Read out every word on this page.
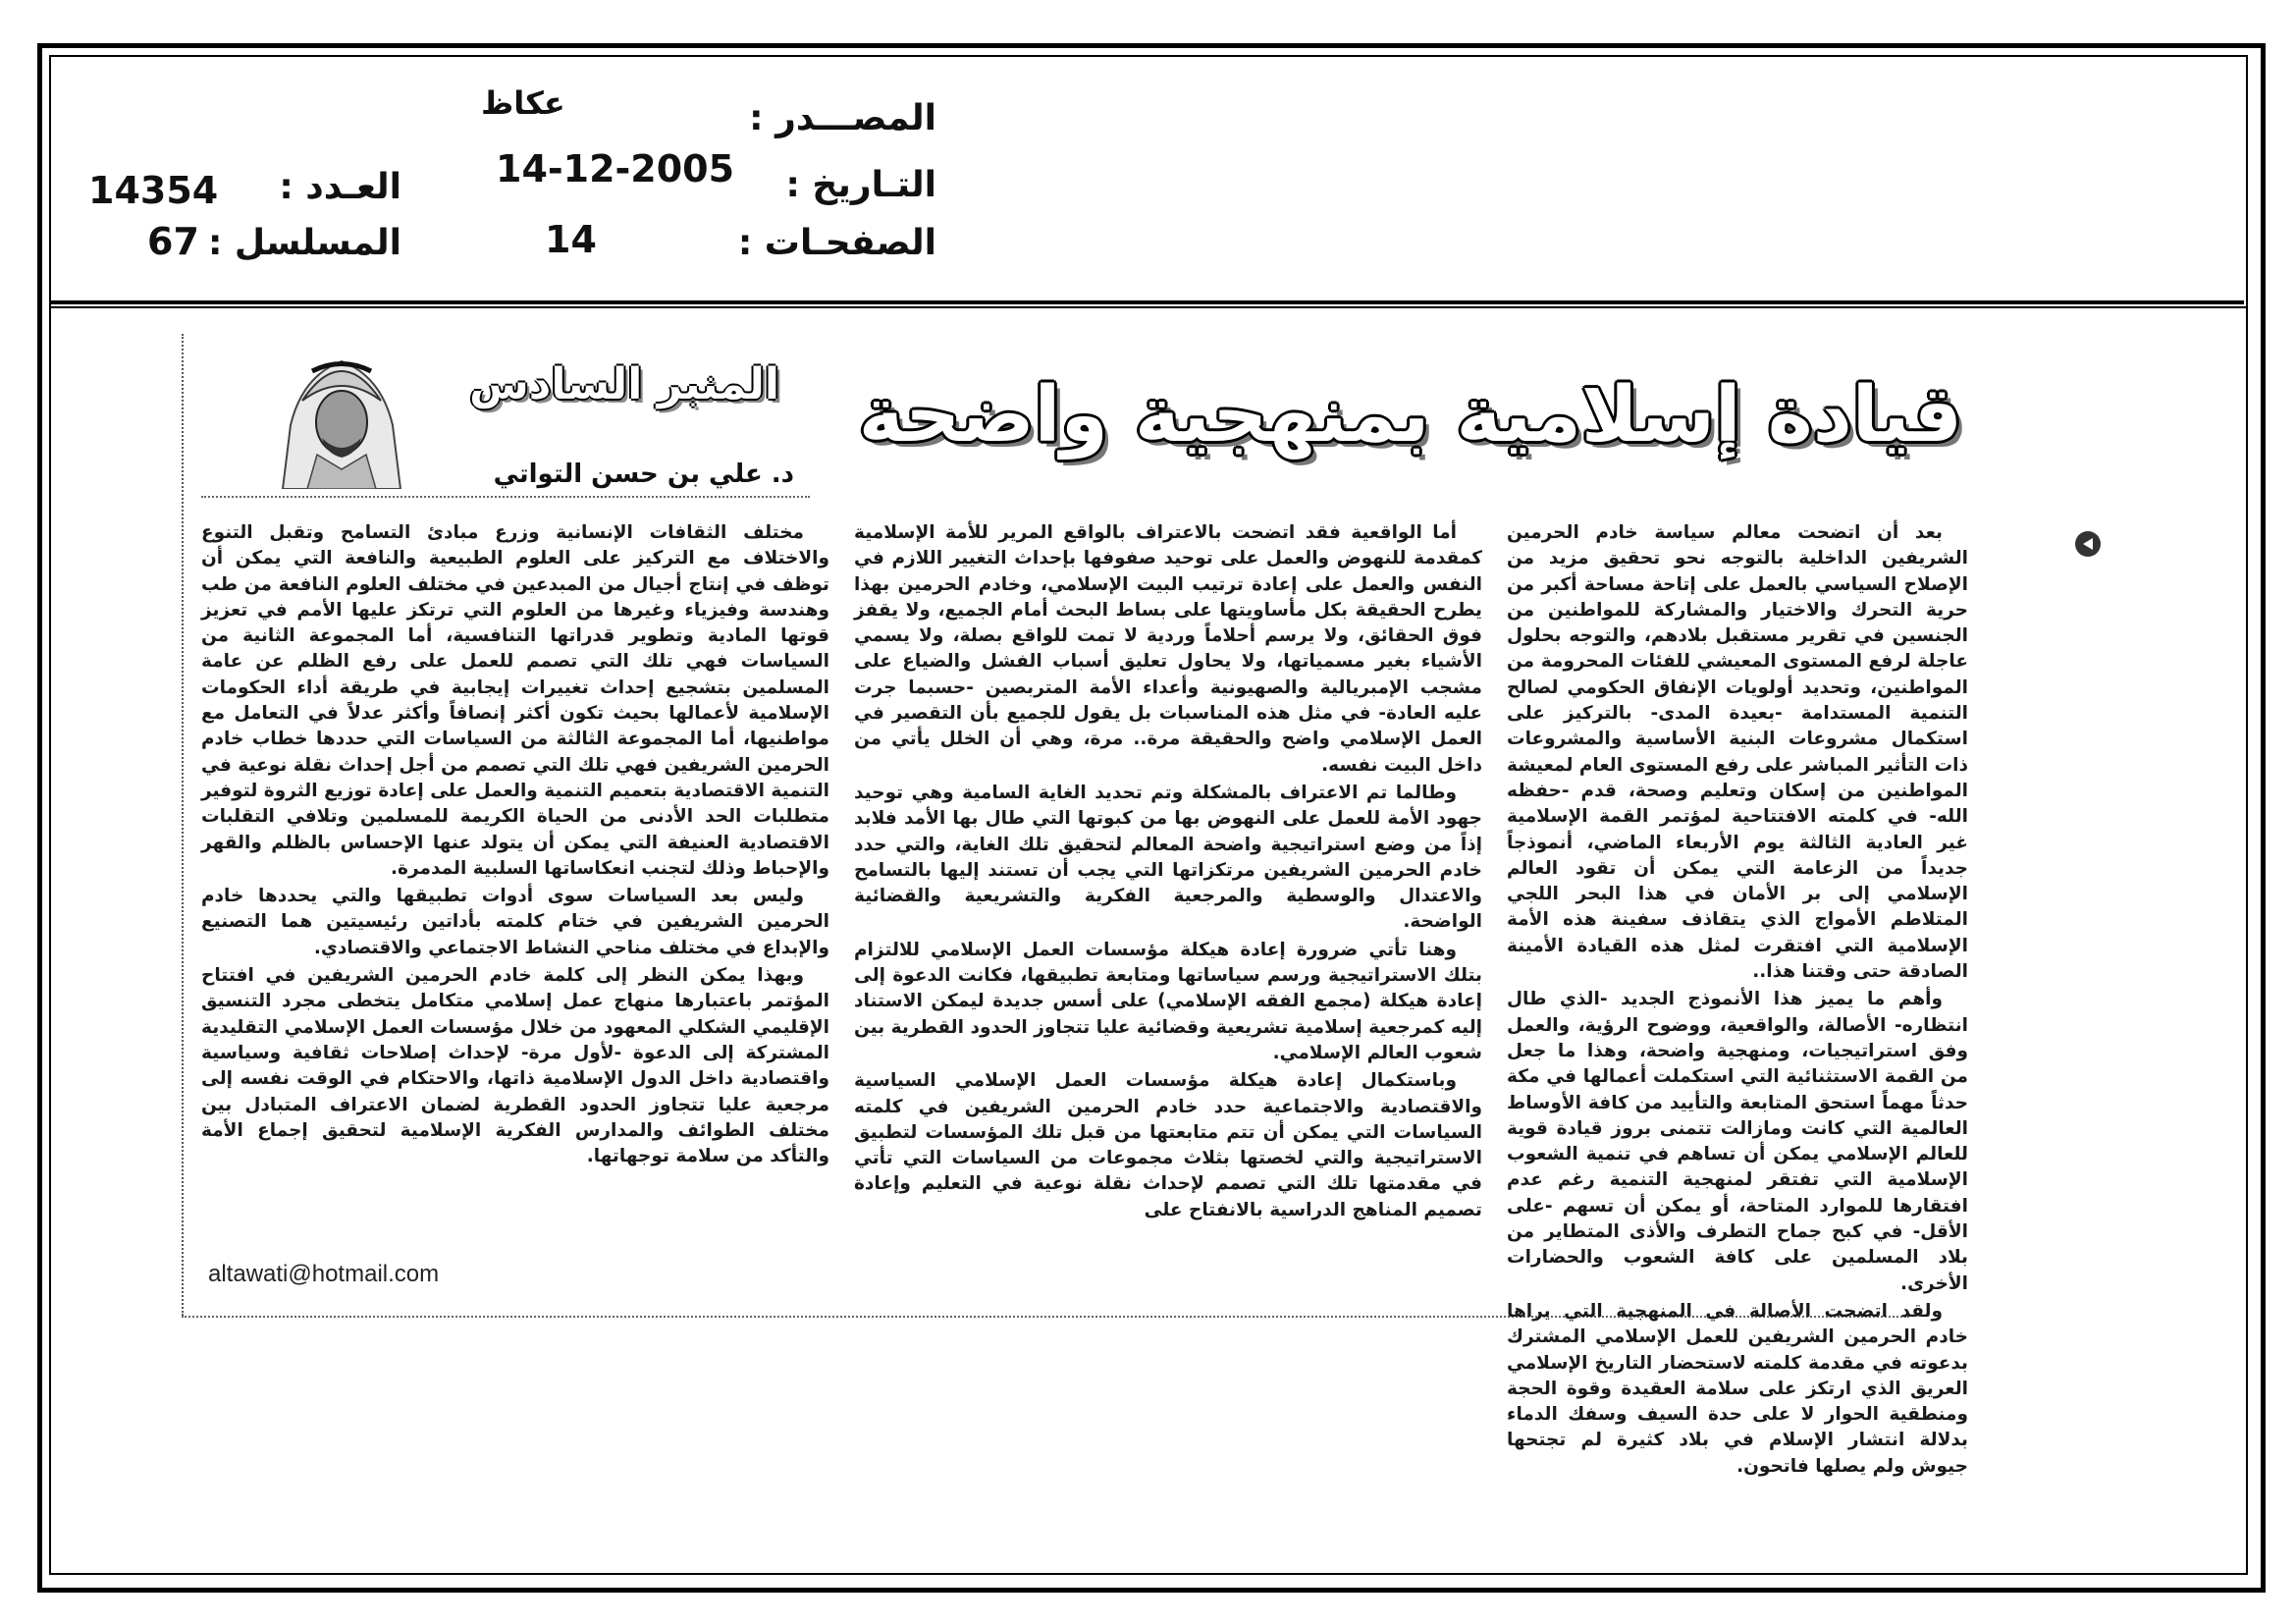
المصـــدر :
عكاظ
التـاريخ :
14-12-2005
الصفحـات :
14
العـدد :
14354
المسلسل :
67
قيادة إسلامية بمنهجية واضحة
المنبر السادس
د. علي بن حسن التواتي

بعد أن اتضحت معالم سياسة خادم الحرمين الشريفين الداخلية بالتوجه نحو تحقيق مزيد من الإصلاح السياسي بالعمل على إتاحة مساحة أكبر من حرية التحرك والاختيار والمشاركة للمواطنين من الجنسين في تقرير مستقبل بلادهم، والتوجه بحلول عاجلة لرفع المستوى المعيشي للفئات المحرومة من المواطنين، وتحديد أولويات الإنفاق الحكومي لصالح التنمية المستدامة -بعيدة المدى- بالتركيز على استكمال مشروعات البنية الأساسية والمشروعات ذات التأثير المباشر على رفع المستوى العام لمعيشة المواطنين من إسكان وتعليم وصحة، قدم -حفظه الله- في كلمته الافتتاحية لمؤتمر القمة الإسلامية غير العادية الثالثة يوم الأربعاء الماضي، أنموذجاً جديداً من الزعامة التي يمكن أن تقود العالم الإسلامي إلى بر الأمان في هذا البحر اللجي المتلاطم الأمواج الذي يتقاذف سفينة هذه الأمة الإسلامية التي افتقرت لمثل هذه القيادة الأمينة الصادقة حتى وقتنا هذا..

وأهم ما يميز هذا الأنموذج الجديد -الذي طال انتظاره- الأصالة، والواقعية، ووضوح الرؤية، والعمل وفق استراتيجيات، ومنهجية واضحة، وهذا ما جعل من القمة الاستثنائية التي استكملت أعمالها في مكة حدثاً مهماً استحق المتابعة والتأييد من كافة الأوساط العالمية التي كانت ومازالت تتمنى بروز قيادة قوية للعالم الإسلامي يمكن أن تساهم في تنمية الشعوب الإسلامية التي تفتقر لمنهجية التنمية رغم عدم افتقارها للموارد المتاحة، أو يمكن أن تسهم -على الأقل- في كبح جماح التطرف والأذى المتطاير من بلاد المسلمين على كافة الشعوب والحضارات الأخرى.

ولقد اتضحت الأصالة في المنهجية التي يراها خادم الحرمين الشريفين للعمل الإسلامي المشترك بدعوته في مقدمة كلمته لاستحضار التاريخ الإسلامي العريق الذي ارتكز على سلامة العقيدة وقوة الحجة ومنطقية الحوار لا على حدة السيف وسفك الدماء بدلالة انتشار الإسلام في بلاد كثيرة لم تجتحها جيوش ولم يصلها فاتحون.

أما الواقعية فقد اتضحت بالاعتراف بالواقع المرير للأمة الإسلامية كمقدمة للنهوض والعمل على توحيد صفوفها بإحداث التغيير اللازم في النفس والعمل على إعادة ترتيب البيت الإسلامي، وخادم الحرمين بهذا يطرح الحقيقة بكل مأساويتها على بساط البحث أمام الجميع، ولا يقفز فوق الحقائق، ولا يرسم أحلاماً وردية لا تمت للواقع بصلة، ولا يسمي الأشياء بغير مسمياتها، ولا يحاول تعليق أسباب الفشل والضياع على مشجب الإمبريالية والصهيونية وأعداء الأمة المتربصين -حسبما جرت عليه العادة- في مثل هذه المناسبات بل يقول للجميع بأن التقصير في العمل الإسلامي واضح والحقيقة مرة.. مرة، وهي أن الخلل يأتي من داخل البيت نفسه.

وطالما تم الاعتراف بالمشكلة وتم تحديد الغاية السامية وهي توحيد جهود الأمة للعمل على النهوض بها من كبوتها التي طال بها الأمد فلابد إذاً من وضع استراتيجية واضحة المعالم لتحقيق تلك الغاية، والتي حدد خادم الحرمين الشريفين مرتكزاتها التي يجب أن تستند إليها بالتسامح والاعتدال والوسطية والمرجعية الفكرية والتشريعية والقضائية الواضحة.

وهنا تأتي ضرورة إعادة هيكلة مؤسسات العمل الإسلامي للالتزام بتلك الاستراتيجية ورسم سياساتها ومتابعة تطبيقها، فكانت الدعوة إلى إعادة هيكلة (مجمع الفقه الإسلامي) على أسس جديدة ليمكن الاستناد إليه كمرجعية إسلامية تشريعية وقضائية عليا تتجاوز الحدود القطرية بين شعوب العالم الإسلامي.

وباستكمال إعادة هيكلة مؤسسات العمل الإسلامي السياسية والاقتصادية والاجتماعية حدد خادم الحرمين الشريفين في كلمته السياسات التي يمكن أن تتم متابعتها من قبل تلك المؤسسات لتطبيق الاستراتيجية والتي لخصتها بثلاث مجموعات من السياسات التي تأتي في مقدمتها تلك التي تصمم لإحداث نقلة نوعية في التعليم وإعادة تصميم المناهج الدراسية بالانفتاح على

مختلف الثقافات الإنسانية وزرع مبادئ التسامح وتقبل التنوع والاختلاف مع التركيز على العلوم الطبيعية والنافعة التي يمكن أن توظف في إنتاج أجيال من المبدعين في مختلف العلوم النافعة من طب وهندسة وفيزياء وغيرها من العلوم التي ترتكز عليها الأمم في تعزيز قوتها المادية وتطوير قدراتها التنافسية، أما المجموعة الثانية من السياسات فهي تلك التي تصمم للعمل على رفع الظلم عن عامة المسلمين بتشجيع إحداث تغييرات إيجابية في طريقة أداء الحكومات الإسلامية لأعمالها بحيث تكون أكثر إنصافاً وأكثر عدلاً في التعامل مع مواطنيها، أما المجموعة الثالثة من السياسات التي حددها خطاب خادم الحرمين الشريفين فهي تلك التي تصمم من أجل إحداث نقلة نوعية في التنمية الاقتصادية بتعميم التنمية والعمل على إعادة توزيع الثروة لتوفير متطلبات الحد الأدنى من الحياة الكريمة للمسلمين وتلافي التقلبات الاقتصادية العنيفة التي يمكن أن يتولد عنها الإحساس بالظلم والقهر والإحباط وذلك لتجنب انعكاساتها السلبية المدمرة.

وليس بعد السياسات سوى أدوات تطبيقها والتي يحددها خادم الحرمين الشريفين في ختام كلمته بأداتين رئيسيتين هما التصنيع والإبداع في مختلف مناحي النشاط الاجتماعي والاقتصادي.

وبهذا يمكن النظر إلى كلمة خادم الحرمين الشريفين في افتتاح المؤتمر باعتبارها منهاج عمل إسلامي متكامل يتخطى مجرد التنسيق الإقليمي الشكلي المعهود من خلال مؤسسات العمل الإسلامي التقليدية المشتركة إلى الدعوة -لأول مرة- لإحداث إصلاحات ثقافية وسياسية واقتصادية داخل الدول الإسلامية ذاتها، والاحتكام في الوقت نفسه إلى مرجعية عليا تتجاوز الحدود القطرية لضمان الاعتراف المتبادل بين مختلف الطوائف والمدارس الفكرية الإسلامية لتحقيق إجماع الأمة والتأكد من سلامة توجهاتها.

altawati@hotmail.com
